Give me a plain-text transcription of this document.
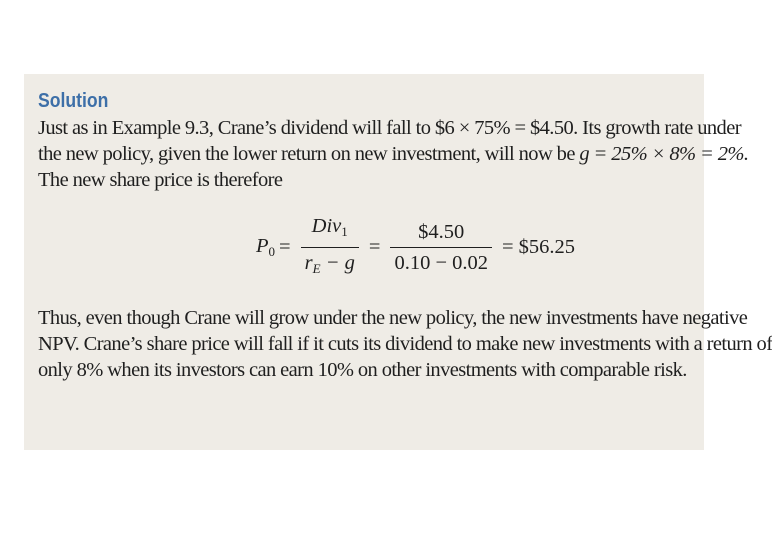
Solution

Just as in Example 9.3, Crane’s dividend will fall to $6 × 75% = $4.50. Its growth rate under
the new policy, given the lower return on new investment, will now be g = 25% × 8% = 2%.
The new share price is therefore

$P_0 = \frac{Div_1}{r_E - g} = \frac{\$4.50}{0.10 - 0.02}$ = $56.25

Thus, even though Crane will grow under the new policy, the new investments have negative
NPV. Crane’s share price will fall if it cuts its dividend to make new investments with a return of
only 8% when its investors can earn 10% on other investments with comparable risk.
